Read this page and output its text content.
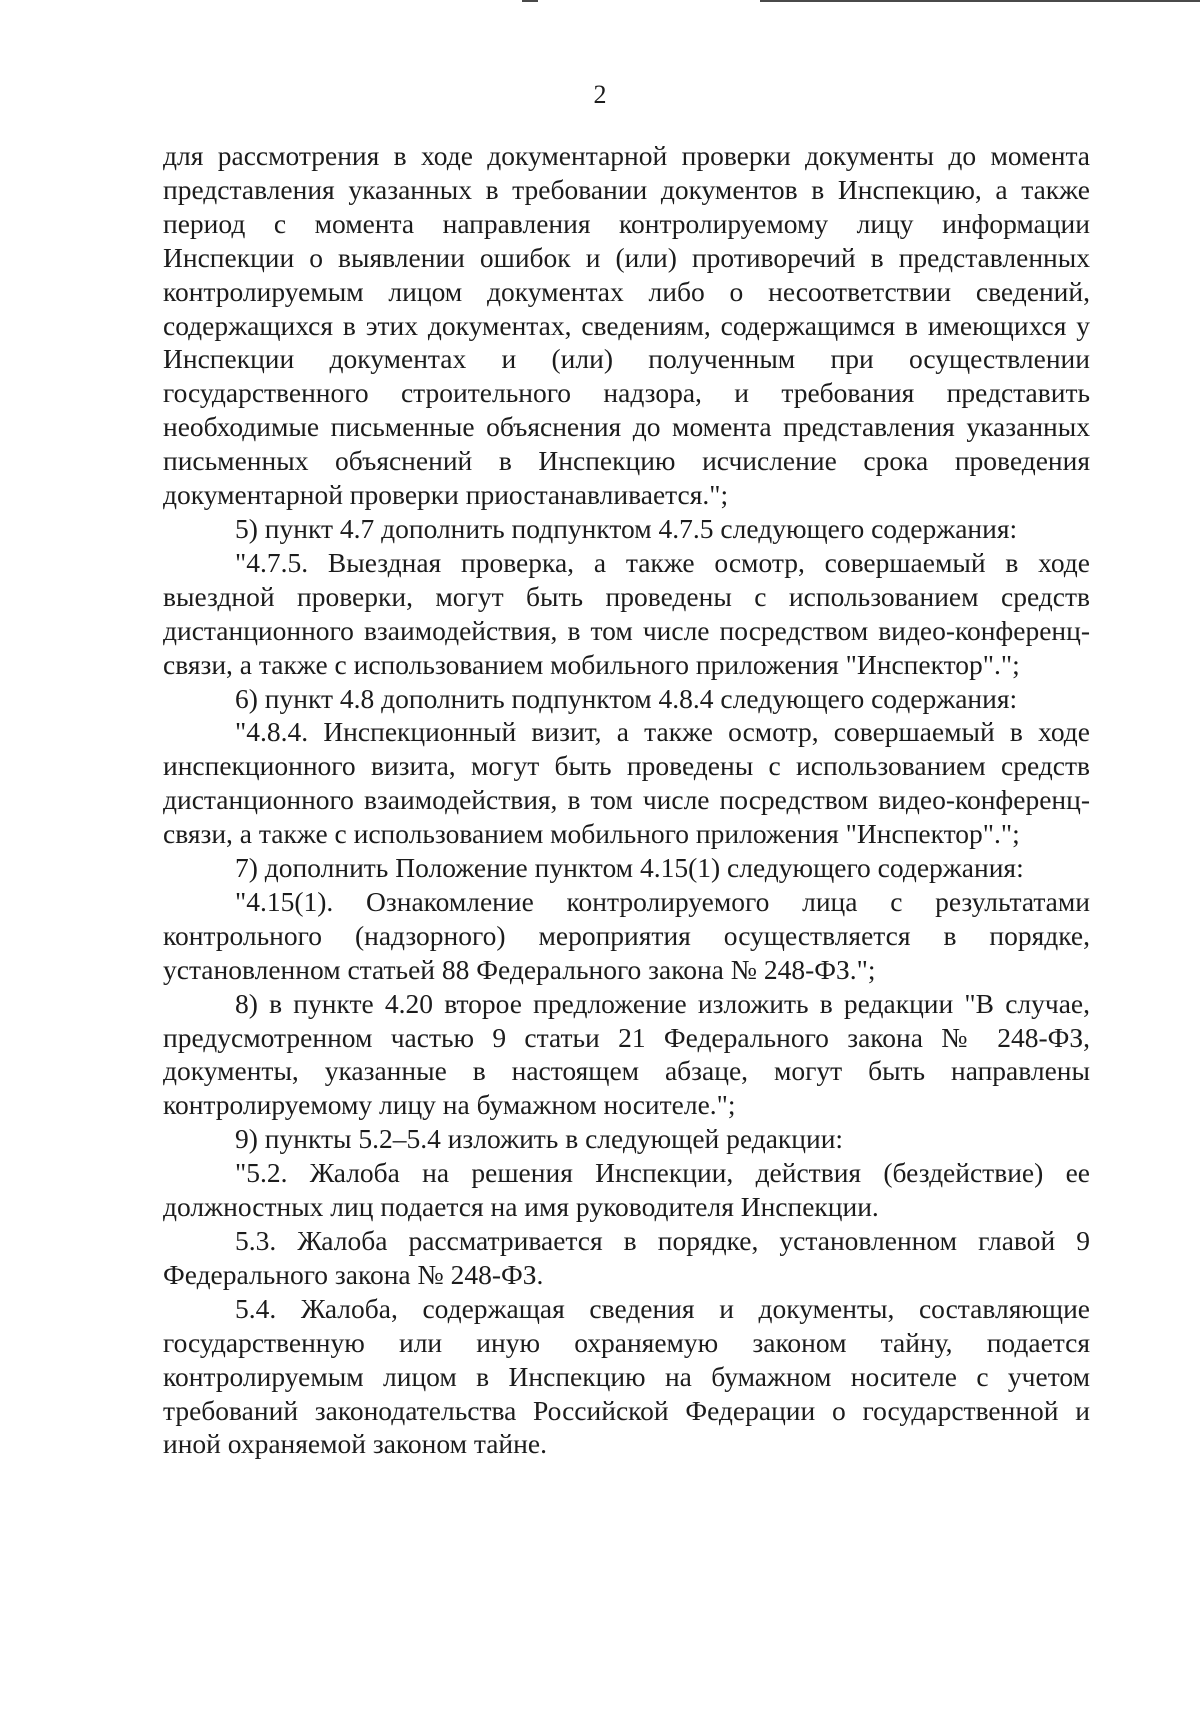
2

для рассмотрения в ходе документарной проверки документы до момента представления указанных в требовании документов в Инспекцию, а также период с момента направления контролируемому лицу информации Инспекции о выявлении ошибок и (или) противоречий в представленных контролируемым лицом документах либо о несоответствии сведений, содержащихся в этих документах, сведениям, содержащимся в имеющихся у Инспекции документах и (или) полученным при осуществлении государственного строительного надзора, и требования представить необходимые письменные объяснения до момента представления указанных письменных объяснений в Инспекцию исчисление срока проведения документарной проверки приостанавливается.";

5) пункт 4.7 дополнить подпунктом 4.7.5 следующего содержания:

"4.7.5. Выездная проверка, а также осмотр, совершаемый в ходе выездной проверки, могут быть проведены с использованием средств дистанционного взаимодействия, в том числе посредством видео-конференц-связи, а также с использованием мобильного приложения "Инспектор".";

6) пункт 4.8 дополнить подпунктом 4.8.4 следующего содержания:

"4.8.4. Инспекционный визит, а также осмотр, совершаемый в ходе инспекционного визита, могут быть проведены с использованием средств дистанционного взаимодействия, в том числе посредством видео-конференц-связи, а также с использованием мобильного приложения "Инспектор".";

7) дополнить Положение пунктом 4.15(1) следующего содержания:

"4.15(1). Ознакомление контролируемого лица с результатами контрольного (надзорного) мероприятия осуществляется в порядке, установленном статьей 88 Федерального закона № 248-ФЗ.";

8) в пункте 4.20 второе предложение изложить в редакции "В случае, предусмотренном частью 9 статьи 21 Федерального закона № 248-ФЗ, документы, указанные в настоящем абзаце, могут быть направлены контролируемому лицу на бумажном носителе.";

9) пункты 5.2–5.4 изложить в следующей редакции:

"5.2. Жалоба на решения Инспекции, действия (бездействие) ее должностных лиц подается на имя руководителя Инспекции.

5.3. Жалоба рассматривается в порядке, установленном главой 9 Федерального закона № 248-ФЗ.

5.4. Жалоба, содержащая сведения и документы, составляющие государственную или иную охраняемую законом тайну, подается контролируемым лицом в Инспекцию на бумажном носителе с учетом требований законодательства Российской Федерации о государственной и иной охраняемой законом тайне.
